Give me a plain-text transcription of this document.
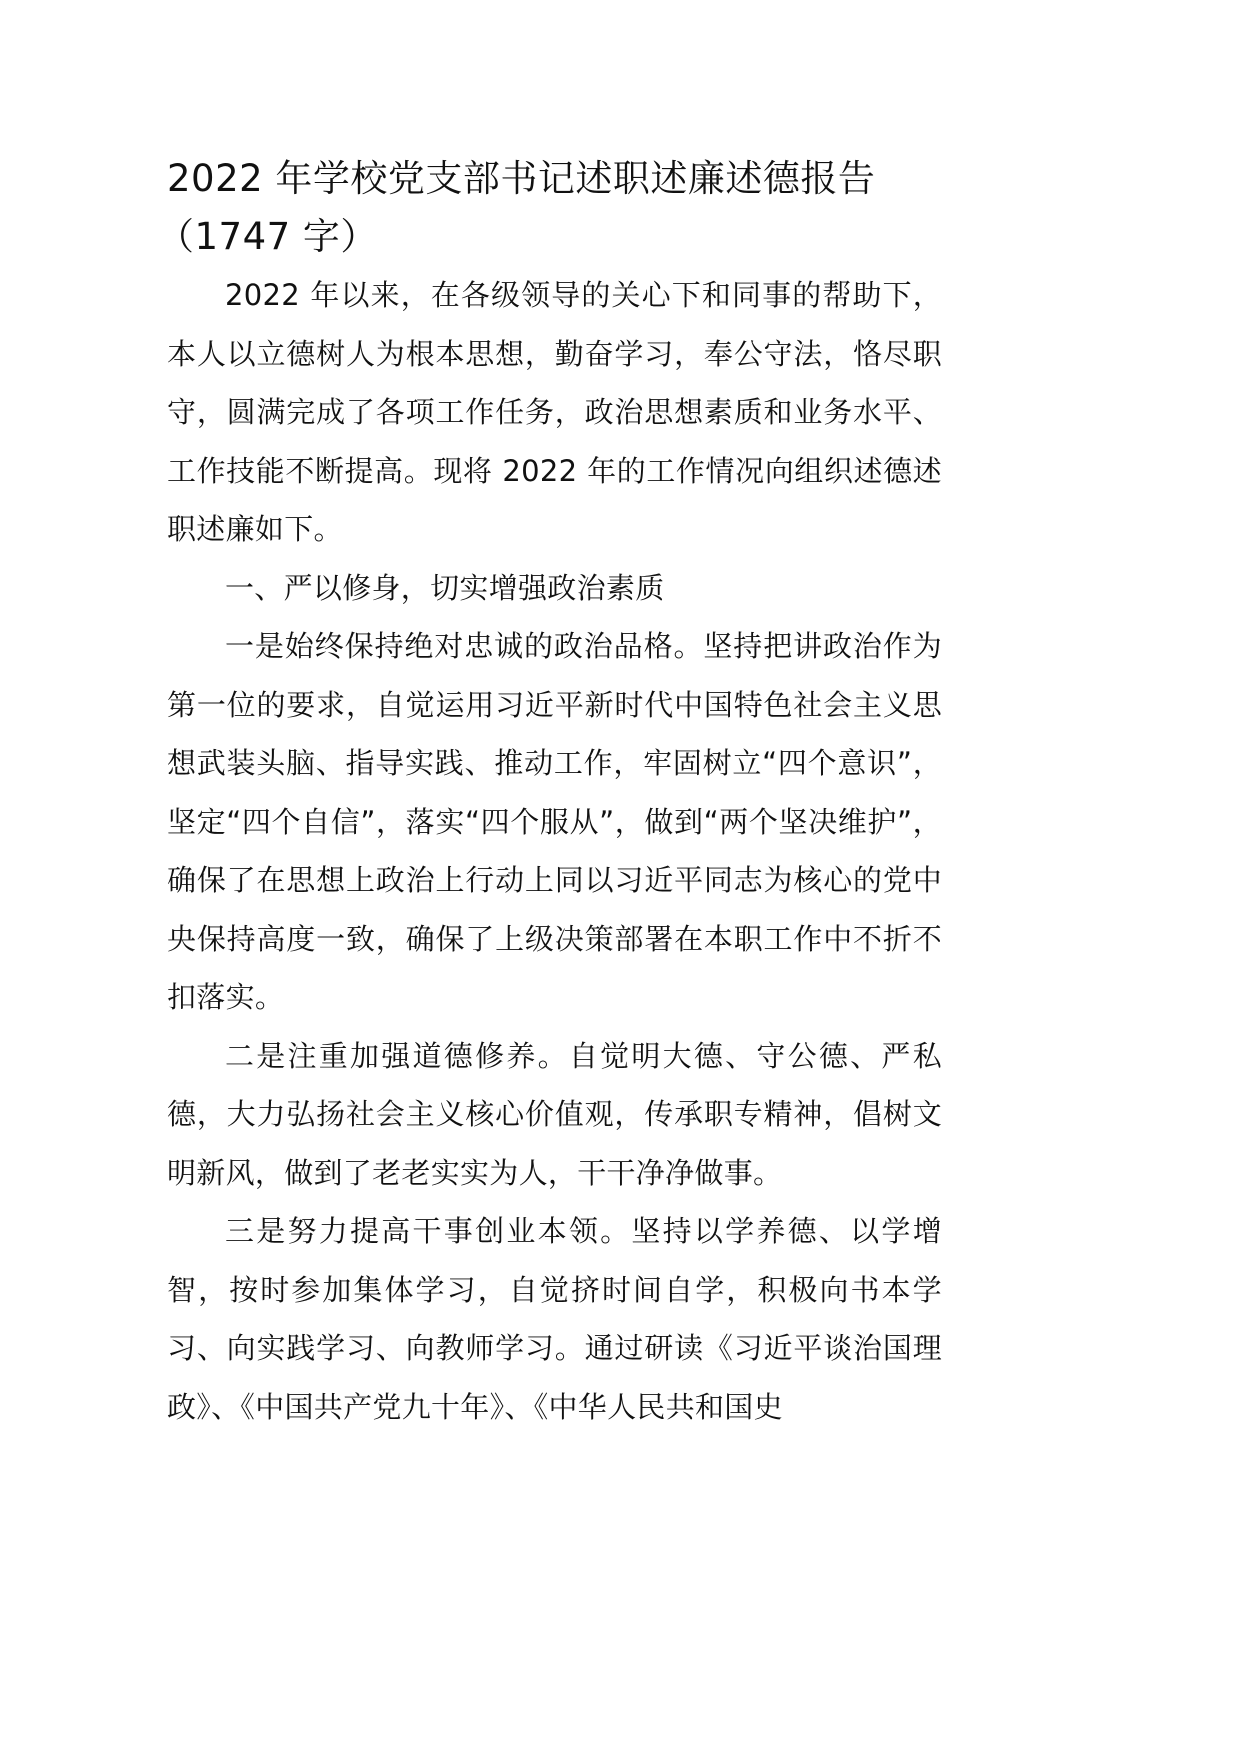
2022 年学校党支部书记述职述廉述德报告
（1747 字）

2022 年以来，在各级领导的关心下和同事的帮助下，本人以立德树人为根本思想，勤奋学习，奉公守法，恪尽职守，圆满完成了各项工作任务，政治思想素质和业务水平、工作技能不断提高。现将 2022 年的工作情况向组织述德述职述廉如下。

一、严以修身，切实增强政治素质

一是始终保持绝对忠诚的政治品格。坚持把讲政治作为第一位的要求，自觉运用习近平新时代中国特色社会主义思想武装头脑、指导实践、推动工作，牢固树立“四个意识”，坚定“四个自信”，落实“四个服从”，做到“两个坚决维护”，确保了在思想上政治上行动上同以习近平同志为核心的党中央保持高度一致，确保了上级决策部署在本职工作中不折不扣落实。

二是注重加强道德修养。自觉明大德、守公德、严私德，大力弘扬社会主义核心价值观，传承职专精神，倡树文明新风，做到了老老实实为人，干干净净做事。

三是努力提高干事创业本领。坚持以学养德、以学增智，按时参加集体学习，自觉挤时间自学，积极向书本学习、向实践学习、向教师学习。通过研读《习近平谈治国理政》、《中国共产党九十年》、《中华人民共和国史
